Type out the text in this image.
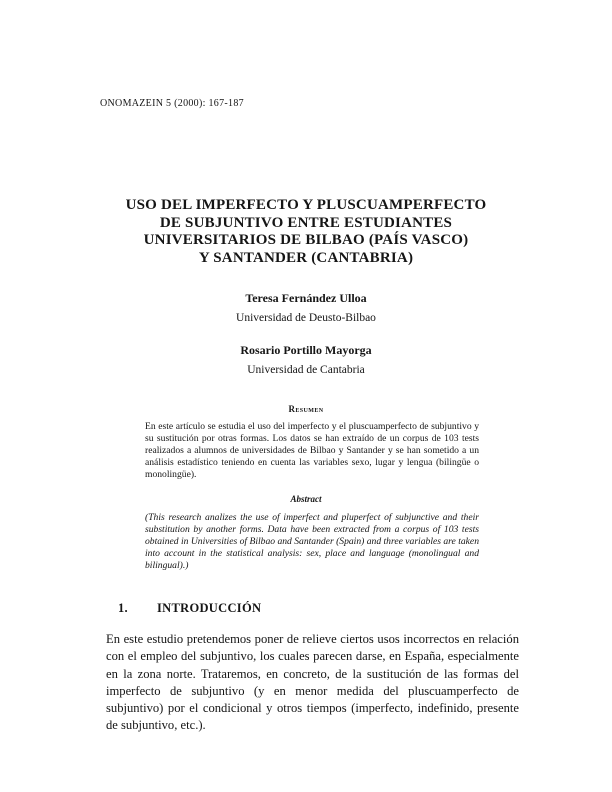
ONOMAZEIN 5 (2000): 167-187
USO DEL IMPERFECTO Y PLUSCUAMPERFECTO
DE SUBJUNTIVO ENTRE ESTUDIANTES
UNIVERSITARIOS DE BILBAO (PAÍS VASCO)
Y SANTANDER (CANTABRIA)
Teresa Fernández Ulloa
Universidad de Deusto-Bilbao
Rosario Portillo Mayorga
Universidad de Cantabria
Resumen
En este artículo se estudia el uso del imperfecto y el pluscuamperfecto de subjuntivo y su sustitución por otras formas. Los datos se han extraído de un corpus de 103 tests realizados a alumnos de universidades de Bilbao y Santander y se han sometido a un análisis estadístico teniendo en cuenta las variables sexo, lugar y lengua (bilingüe o monolingüe).
Abstract
(This research analizes the use of imperfect and pluperfect of subjunctive and their substitution by another forms. Data have been extracted from a corpus of 103 tests obtained in Universities of Bilbao and Santander (Spain) and three variables are taken into account in the statistical analysis: sex, place and language (monolingual and bilingual).)
1. INTRODUCCIÓN
En este estudio pretendemos poner de relieve ciertos usos incorrectos en relación con el empleo del subjuntivo, los cuales parecen darse, en España, especialmente en la zona norte. Trataremos, en concreto, de la sustitución de las formas del imperfecto de subjuntivo (y en menor medida del pluscuamperfecto de subjuntivo) por el condicional y otros tiempos (imperfecto, indefinido, presente de subjuntivo, etc.).
